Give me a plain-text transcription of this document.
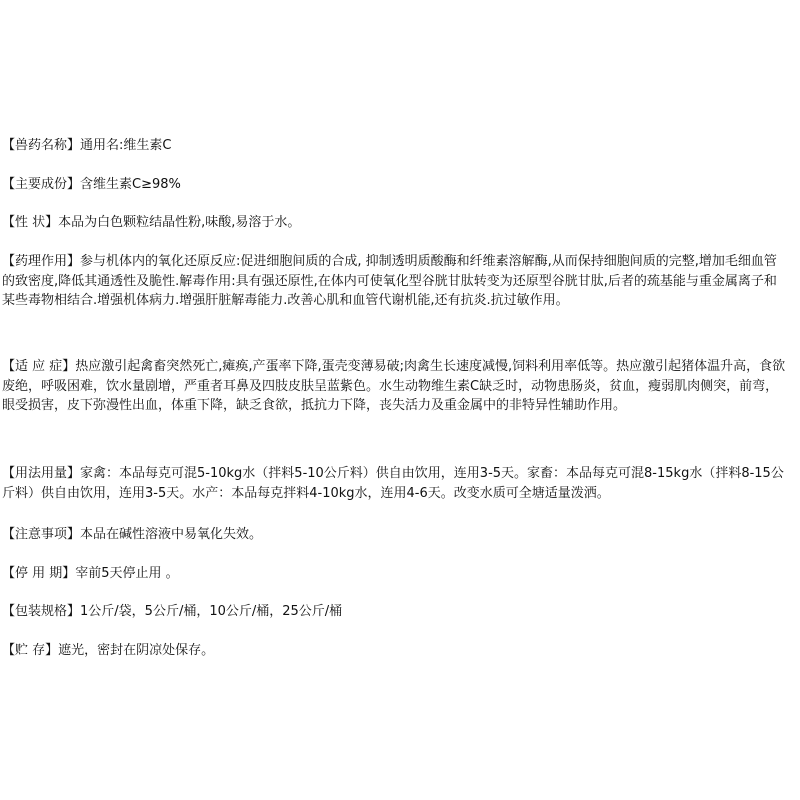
【兽药名称】通用名:维生素C
【主要成份】含维生素C≥98%
【性 状】本品为白色颗粒结晶性粉,味酸,易溶于水。
【药理作用】参与机体内的氧化还原反应:促进细胞间质的合成, 抑制透明质酸酶和纤维素溶解酶,从而保持细胞间质的完整,增加毛细血管的致密度,降低其通透性及脆性.解毒作用:具有强还原性,在体内可使氧化型谷胱甘肽转变为还原型谷胱甘肽,后者的巯基能与重金属离子和某些毒物相结合.增强机体病力.增强肝脏解毒能力.改善心肌和血管代谢机能,还有抗炎.抗过敏作用。
【适 应 症】热应激引起禽畜突然死亡,瘫痪,产蛋率下降,蛋壳变薄易破;肉禽生长速度减慢,饲料利用率低等。热应激引起猪体温升高，食欲废绝，呼吸困难，饮水量剧增，严重者耳鼻及四肢皮肤呈蓝紫色。水生动物维生素C缺乏时，动物患肠炎，贫血，瘦弱肌肉侧突，前弯，眼受损害，皮下弥漫性出血，体重下降，缺乏食欲，抵抗力下降，丧失活力及重金属中的非特异性辅助作用。
【用法用量】家禽：本品每克可混5-10kg水（拌料5-10公斤料）供自由饮用，连用3-5天。家畜：本品每克可混8-15kg水（拌料8-15公斤料）供自由饮用，连用3-5天。水产：本品每克拌料4-10kg水，连用4-6天。改变水质可全塘适量泼洒。
【注意事项】本品在碱性溶液中易氧化失效。
【停 用 期】宰前5天停止用 。
【包装规格】1公斤/袋，5公斤/桶，10公斤/桶，25公斤/桶
【贮 存】遮光，密封在阴凉处保存。
